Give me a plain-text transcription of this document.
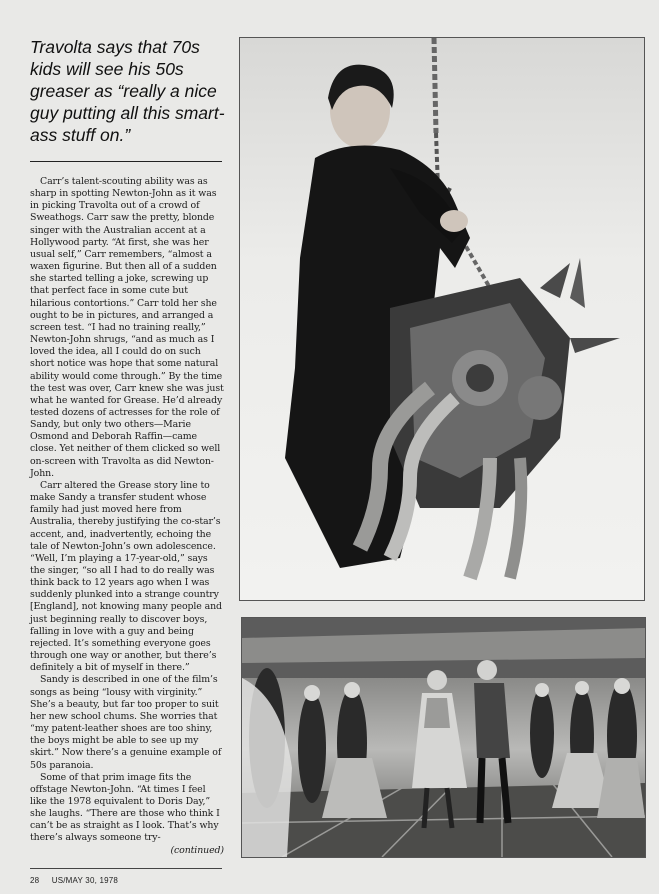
Travolta says that 70s kids will see his 50s greaser as “really a nice guy putting all this smart-ass stuff on.”

Carr’s talent-scouting ability was as sharp in spotting Newton-John as it was in picking Travolta out of a crowd of Sweathogs. Carr saw the pretty, blonde singer with the Australian accent at a Hollywood party. “At first, she was her usual self,” Carr remembers, “almost a waxen figurine. But then all of a sudden she started telling a joke, screwing up that perfect face in some cute but hilarious contortions.” Carr told her she ought to be in pictures, and arranged a screen test. “I had no training really,” Newton-John shrugs, “and as much as I loved the idea, all I could do on such short notice was hope that some natural ability would come through.” By the time the test was over, Carr knew she was just what he wanted for Grease. He’d already tested dozens of actresses for the role of Sandy, but only two others—Marie Osmond and Deborah Raffin—came close. Yet neither of them clicked so well on-screen with Travolta as did Newton-John.

Carr altered the Grease story line to make Sandy a transfer student whose family had just moved here from Australia, thereby justifying the co-star’s accent, and, inadvertently, echoing the tale of Newton-John’s own adolescence. “Well, I’m playing a 17-year-old,” says the singer, “so all I had to do really was think back to 12 years ago when I was suddenly plunked into a strange country [England], not knowing many people and just beginning really to discover boys, falling in love with a guy and being rejected. It’s something everyone goes through one way or another, but there’s definitely a bit of myself in there.”

Sandy is described in one of the film’s songs as being “lousy with virginity.” She’s a beauty, but far too proper to suit her new school chums. She worries that “my patent-leather shoes are too shiny, the boys might be able to see up my skirt.” Now there’s a genuine example of 50s paranoia.

Some of that prim image fits the offstage Newton-John. “At times I feel like the 1978 equivalent to Doris Day,” she laughs. “There are those who think I can’t be as straight as I look. That’s why there’s always someone try-

(continued)
28 US/MAY 30, 1978
